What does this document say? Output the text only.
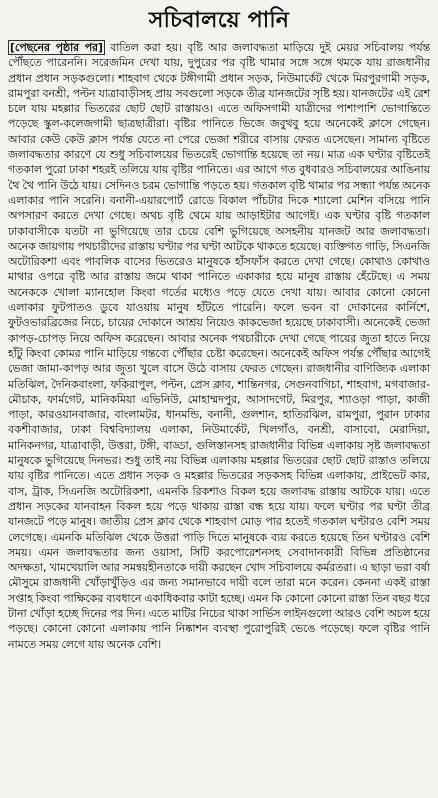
সচিবালয়ে পানি
[পেছনের পৃষ্ঠার পর] বাতিল করা হয়। বৃষ্টি আর জলাবদ্ধতা মাড়িয়ে দুই মেয়র সচিবালয় পর্যন্ত পৌঁছতে পারেননি। সরেজমিন দেখা যায়, দুপুরের পর বৃষ্টি থামার সঙ্গে সঙ্গে থমকে যায় রাজধানীর প্রধান প্রধান সড়কগুলো। শাহবাগ থেকে টঙ্গীগামী প্রধান সড়ক, নিউমার্কেট থেকে মিরপুরগামী সড়ক, রামপুরা বনশ্রী, পল্টন যাত্রাবাড়ীসহ প্রায় সবগুলো সড়কে তীব্র যানজটের সৃষ্টি হয়। যানজটের এই রেশ চলে যায় মহল্লার ভিতরের ছোট ছোট রাস্তায়ও। এতে অফিসগামী যাত্রীদের পাশাপাশি ভোগান্তিতে পড়েছে স্কুল-কলেজগামী ছাত্রছাত্রীরা। বৃষ্টির পানিতে ভিজে জবুথবু হয়ে অনেকেই ক্লাসে গেছেন। আবার কেউ কেউ ক্লাস পর্যন্ত যেতে না পেরে ভেজা শরীরে বাসায় ফেরত এসেছেন। সামান্য বৃষ্টিতে জলাবদ্ধতার কারণে যে শুধু সচিবালয়ের ভিতরেই ভোগান্তি হয়েছে তা নয়। মাত্র এক ঘণ্টার বৃষ্টিতেই গতকাল পুরো ঢাকা শহরই তলিয়ে যায় বৃষ্টির পানিতে। এর আগে গত বুধবারও সচিবালয়ের আঙিনায় থৈ থৈ পানি উঠে যায়। সেদিনও চরম ভোগান্তি পড়তে হয়। গতকাল বৃষ্টি থামার পর সন্ধ্যা পর্যন্ত অনেক এলাকার পানি সরেনি। বনানী-এয়ারপোর্ট রোডে বিকাল পাঁচটার দিকে শ্যালো মেশিন বসিয়ে পানি অপসারণ করতে দেখা গেছে। অথচ বৃষ্টি থেমে যায় আড়াইটার আগেই। এক ঘণ্টার বৃষ্টি গতকাল ঢাকাবাসীকে যতটা না ভুগিয়েছে তার চেয়ে বেশি ভুগিয়েছে অসহনীয় যানজট আর জলাবদ্ধতা। অনেক জায়গায় পথচারীদের রাস্তায় ঘণ্টার পর ঘণ্টা আটকে থাকতে হয়েছে। ব্যক্তিগত গাড়ি, সিএনজি অটোরিকশা এবং পাবলিক বাসের ভিতরেও মানুষকে হাঁসফাঁস করতে দেখা গেছে। কোথাও কোথাও মাথার ওপরে বৃষ্টি আর রাস্তায় জমে থাকা পানিতে একাকার হয়ে মানুষ রাস্তায় হেঁটেছে। এ সময় অনেককে খোলা ম্যানহোল কিংবা গর্তের মধ্যেও পড়ে যেতে দেখা যায়। আবার কোনো কোনো এলাকার ফুটপাতও ডুবে যাওয়ায় মানুষ হাঁটতে পারেনি। ফলে ভবন বা দোকানের কার্নিশে, ফুটওভারব্রিজের নিচে, চায়ের দোকানে আশ্রয় নিয়েও কাকভেজা হয়েছে ঢাকাবাসী। অনেকেই ভেজা কাপড়-চোপড় নিয়ে অফিস করেছেন। আবার অনেক পথচারীকে দেখা গেছে পায়ের জুতা হাতে নিয়ে হাঁটু কিংবা কোমর পানি মাড়িয়ে গন্তব্যে পৌঁছার চেষ্টা করেছেন। অনেকেই অফিস পর্যন্ত পৌঁছার আগেই ভেজা জামা-কাপড় আর জুতা খুলে বাসে উঠে বাসায় ফেরত গেছেন। রাজধানীর বাণিজ্যিক এলাকা মতিঝিল, দৈনিকবাংলা, ফকিরাপুল, পল্টন, প্রেস ক্লাব, শান্তিনগর, সেগুনবাগিচা, শাহবাগ, মগবাজার-মৌচাক, ফার্মগেট, মানিকমিয়া এভিনিউ, মোহাম্মদপুর, আসাদগেট, মিরপুর, শ্যাওড়া পাড়া, কাজী পাড়া, কারওয়ানবাজার, বাংলামটর, ধানমন্ডি, বনানী, গুলশান, হাতিরঝিল, রামপুরা, পুরান ঢাকার বকশীবাজার, ঢাকা বিশ্ববিদ্যালয় এলাকা, নিউমার্কেট, খিলগাঁও, বনশ্রী, বাসাবো, মেরাদিয়া, মানিকনগর, যাত্রাবাড়ী, উত্তরা, টঙ্গী, বাড্ডা, গুলিস্তানসহ রাজধানীর বিভিন্ন এলাকায় সৃষ্ট জলাবদ্ধতা মানুষকে ভুগিয়েছে দিনভর। শুধু তাই নয় বিভিন্ন এলাকায় মহল্লার ভিতরের ছোট ছোট রাস্তাও তলিয়ে যায় বৃষ্টির পানিতে। এতে প্রধান সড়ক ও মহল্লার ভিতরের সড়কসহ বিভিন্ন এলাকায়, প্রাইভেট কার, বাস, ট্রাক, সিএনজি অটোরিকশা, এমনকি রিকশাও বিকল হয়ে জলাবদ্ধ রাস্তায় আটকে যায়। এতে প্রধান সড়কের যানবাহন বিকল হয়ে পড়ে থাকায় রাস্তা বন্ধ হয়ে যায়। ফলে ঘণ্টার পর ঘণ্টা তীব্র যানজটে পড়ে মানুষ। জাতীয় প্রেস ক্লাব থেকে শাহবাগ মোড় পার হতেই গতকাল ঘণ্টারও বেশি সময় লেগেছে। এমনকি মতিঝিল থেকে উত্তরা পাড়ি দিতে মানুষকে ব্যয় করতে হয়েছে তিন ঘণ্টারও বেশি সময়। এমন জলাবদ্ধতার জন্য ওয়াসা, সিটি করপোরেশনসহ সেবাদানকারী বিভিন্ন প্রতিষ্ঠানের অদক্ষতা, খামখেয়ালি আর সমন্বয়হীনতাকে দায়ী করছেন খোদ সচিবালয়ে কর্মরতরা। এ ছাড়া ভরা বর্ষা মৌসুমে রাজধানী খোঁড়াখুঁড়িও এর জন্য সমানভাবে দায়ী বলে তারা মনে করেন। কেননা একই রাস্তা সপ্তাহ কিংবা পাক্ষিকের ব্যবধানে একাধিকবার কাটা হচ্ছে। এমন কি কোনো কোনো রাস্তা তিন বছর ধরে টানা খোঁড়া হচ্ছে দিনের পর দিন। এতে মাটির নিচের থাকা সার্ভিস লাইনগুলো আরও বেশি অচল হয়ে পড়ছে। কোনো কোনো এলাকায় পানি নিষ্কাশন ব্যবস্থা পুরোপুরিই ভেঙে পড়েছে। ফলে বৃষ্টির পানি নামতে সময় লেগে যায় অনেক বেশি।
